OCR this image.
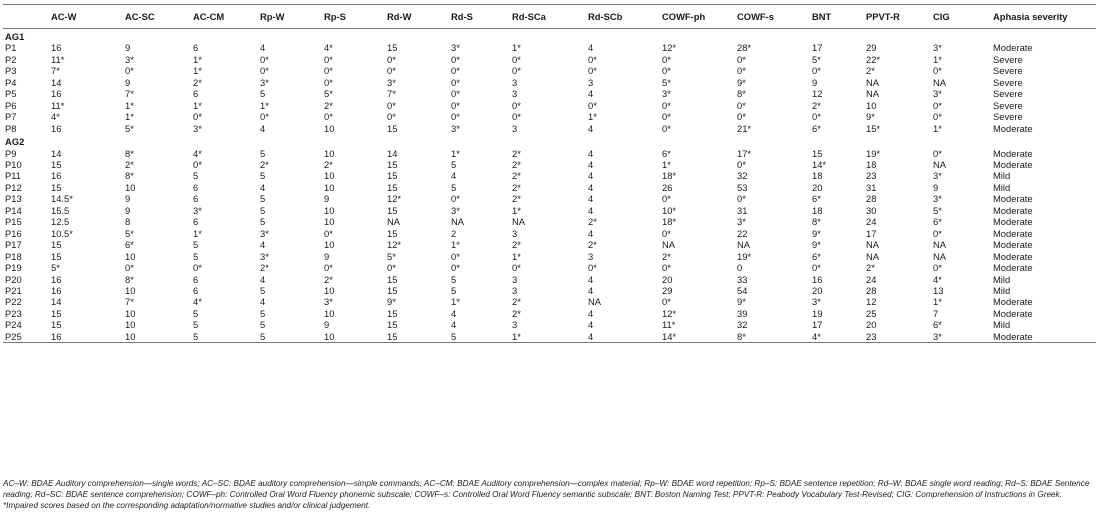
	AC-W	AC-SC	AC-CM	Rp-W	Rp-S	Rd-W	Rd-S	Rd-SCa	Rd-SCb	COWF-ph	COWF-s	BNT	PPVT-R	CIG	Aphasia severity
AG1															
P1	16	9	6	4	4*	15	3*	1*	4	12*	28*	17	29	3*	Moderate
P2	11*	3*	1*	0*	0*	0*	0*	0*	0*	0*	0*	5*	22*	1*	Severe
P3	7*	0*	1*	0*	0*	0*	0*	0*	0*	0*	0*	0*	2*	0*	Severe
P4	14	9	2*	3*	0*	3*	0*	3	3	5*	9*	9	NA	NA	Severe
P5	16	7*	6	5	5*	7*	0*	3	4	3*	8*	12	NA	3*	Severe
P6	11*	1*	1*	1*	2*	0*	0*	0*	0*	0*	0*	2*	10	0*	Severe
P7	4*	1*	0*	0*	0*	0*	0*	0*	1*	0*	0*	0*	9*	0*	Severe
P8	16	5*	3*	4	10	15	3*	3	4	0*	21*	6*	15*	1*	Moderate
AG2															
P9	14	8*	4*	5	10	14	1*	2*	4	6*	17*	15	19*	0*	Moderate
P10	15	2*	0*	2*	2*	15	5	2*	4	1*	0*	14*	18	NA	Moderate
P11	16	8*	5	5	10	15	4	2*	4	18*	32	18	23	3*	Mild
P12	15	10	6	4	10	15	5	2*	4	26	53	20	31	9	Mild
P13	14.5*	9	6	5	9	12*	0*	2*	4	0*	0*	6*	28	3*	Moderate
P14	15.5	9	3*	5	10	15	3*	1*	4	10*	31	18	30	5*	Moderate
P15	12.5	8	6	5	10	NA	NA	NA	2*	18*	3*	8*	24	6*	Moderate
P16	10.5*	5*	1*	3*	0*	15	2	3	4	0*	22	9*	17	0*	Moderate
P17	15	6*	5	4	10	12*	1*	2*	2*	NA	NA	9*	NA	NA	Moderate
P18	15	10	5	3*	9	5*	0*	1*	3	2*	19*	6*	NA	NA	Moderate
P19	5*	0*	0*	2*	0*	0*	0*	0*	0*	0*	0	0*	2*	0*	Moderate
P20	16	8*	6	4	2*	15	5	3	4	20	33	16	24	4*	Mild
P21	16	10	6	5	10	15	5	3	4	29	54	20	28	13	Mild
P22	14	7*	4*	4	3*	9*	1*	2*	NA	0*	9*	3*	12	1*	Moderate
P23	15	10	5	5	10	15	4	2*	4	12*	39	19	25	7	Moderate
P24	15	10	5	5	9	15	4	3	4	11*	32	17	20	6*	Mild
P25	16	10	5	5	10	15	5	1*	4	14*	8*	4*	23	3*	Moderate
AC–W: BDAE Auditory comprehension—single words; AC–SC: BDAE auditory comprehension—simple commands; AC–CM: BDAE Auditory comprehension—complex material; Rp–W: BDAE word repetition; Rp–S: BDAE sentence repetition; Rd–W: BDAE single word reading; Rd–S: BDAE Sentence reading; Rd–SC: BDAE sentence comprehension; COWF–ph: Controlled Oral Word Fluency phonemic subscale; COWF–s: Controlled Oral Word Fluency semantic subscale; BNT: Boston Naming Test; PPVT-R: Peabody Vocabulary Test-Revised; CIG: Comprehension of Instructions in Greek. *Impaired scores based on the corresponding adaptation/normative studies and/or clinical judgement.
